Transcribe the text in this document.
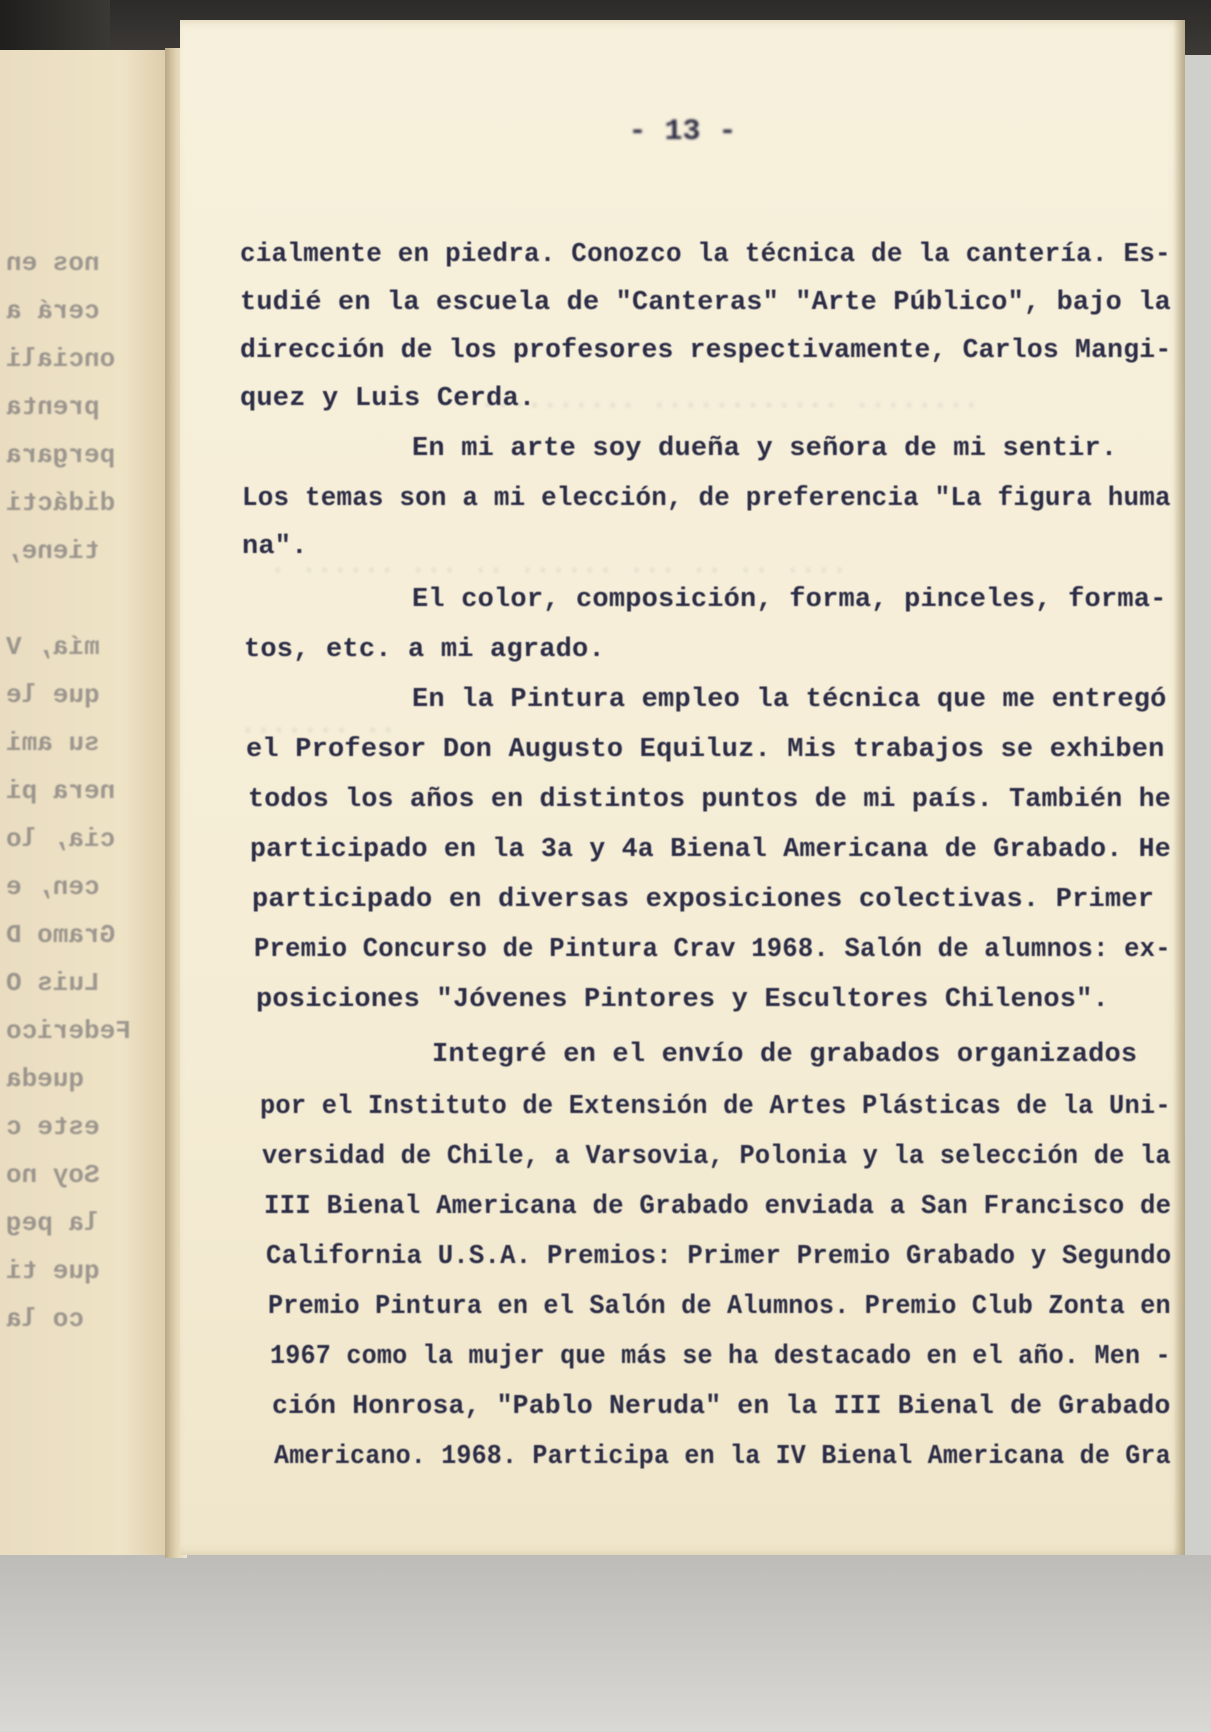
nos en
cerá a
onciali
prenta
pergara
didácti
tiene,
mía, V
que le
su ami
nera pi
cia, lo
cen, e
Gramo D
Luis O
Federico
queda
este c
Soy no
la peg
que ti
co la
- 13 -
.......... ............ ........
. ...... ... .. ...... ... .. .. ....
....... ..
cialmente en piedra. Conozco la técnica de la cantería. Es-
tudié en la escuela de "Canteras" "Arte Público", bajo la
dirección de los profesores respectivamente, Carlos Mangi-
quez y Luis Cerda.
En mi arte soy dueña y señora de mi sentir.
Los temas son a mi elección, de preferencia "La figura huma
na".
El color, composición, forma, pinceles, forma-
tos, etc. a mi agrado.
En la Pintura empleo la técnica que me entregó
el Profesor Don Augusto Equiluz. Mis trabajos se exhiben
todos los años en distintos puntos de mi país. También he
participado en la 3a y 4a Bienal Americana de Grabado. He
participado en diversas exposiciones colectivas. Primer
Premio Concurso de Pintura Crav 1968. Salón de alumnos: ex-
posiciones "Jóvenes Pintores y Escultores Chilenos".
Integré en el envío de grabados organizados
por el Instituto de Extensión de Artes Plásticas de la Uni-
versidad de Chile, a Varsovia, Polonia y la selección de la
III Bienal Americana de Grabado enviada a San Francisco de
California U.S.A. Premios: Primer Premio Grabado y Segundo
Premio Pintura en el Salón de Alumnos. Premio Club Zonta en
1967 como la mujer que más se ha destacado en el año. Men -
ción Honrosa, "Pablo Neruda" en la III Bienal de Grabado
Americano. 1968. Participa en la IV Bienal Americana de Gra
